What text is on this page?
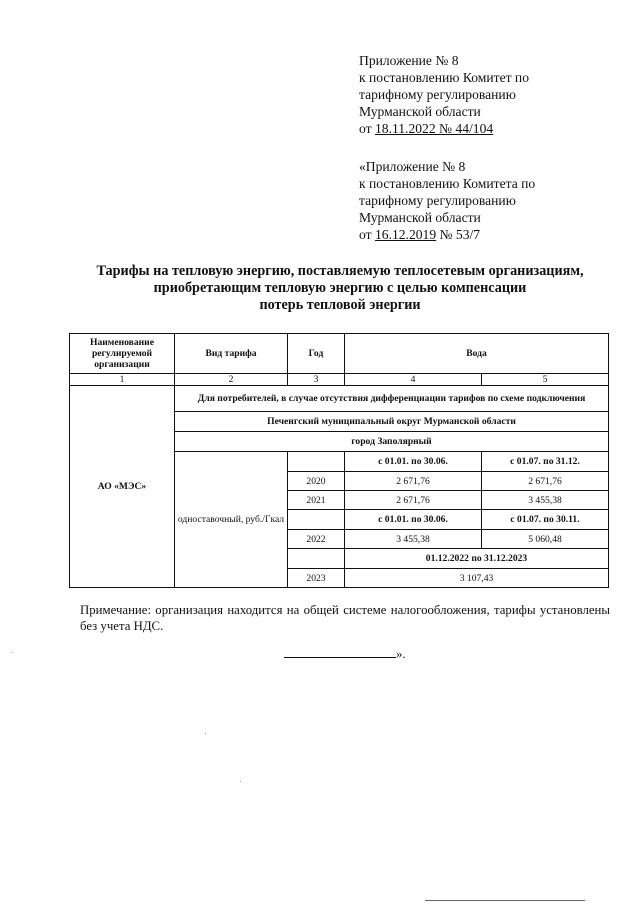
Приложение № 8
к постановлению Комитет по
тарифному регулированию
Мурманской области
от 18.11.2022 № 44/104
«Приложение № 8
к постановлению Комитета по
тарифному регулированию
Мурманской области
от 16.12.2019 № 53/7
Тарифы на тепловую энергию, поставляемую теплосетевым организациям,
приобретающим тепловую энергию с целью компенсации
потерь тепловой энергии
Наименование регулируемой организации	Вид тарифа	Год	Вода	
1	2	3	4	5
АО «МЭС»	Для потребителей, в случае отсутствия дифференциации тарифов по схеме подключения			
	Печенгский муниципальный округ Мурманской области			
	город Заполярный			
	одноставочный, руб./Гкал		с 01.01. по 30.06.	с 01.07. по 31.12.
		2020	2 671,76	2 671,76
		2021	2 671,76	3 455,38
			с 01.01. по 30.06.	с 01.07. по 30.11.
		2022	3 455,38	5 060,48
			01.12.2022 по 31.12.2023	
		2023	3 107,43	
Примечание: организация находится на общей системе налогообложения, тарифы установлены без учета НДС.
».
